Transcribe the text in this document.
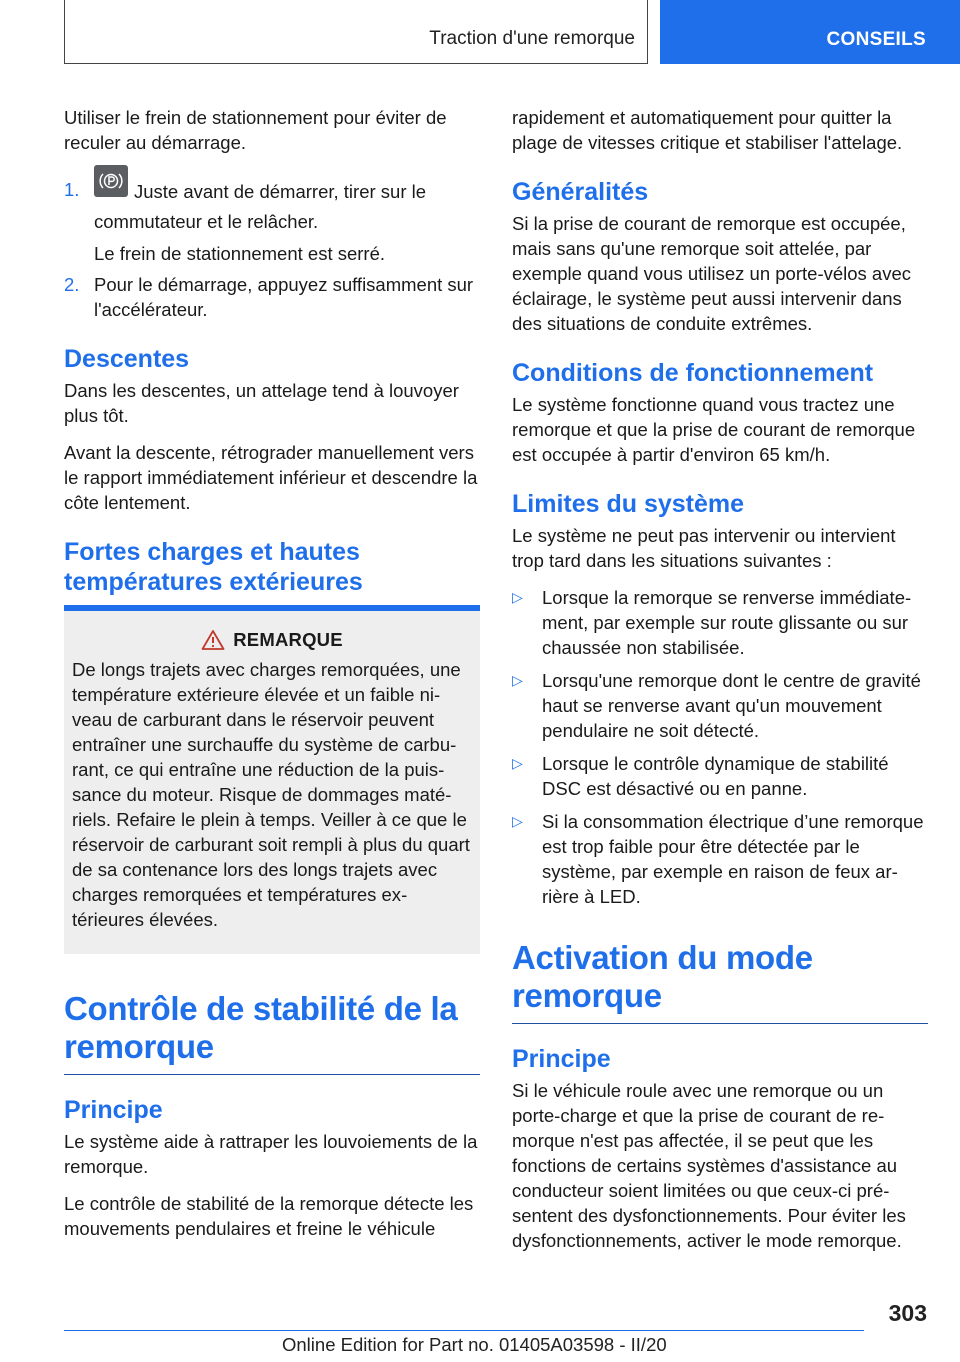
Traction d'une remorque	CONSEILS

Utiliser le frein de stationnement pour éviter de reculer au démarrage.

1.	Juste avant de démarrer, tirer sur le commutateur et le relâcher.
Le frein de stationnement est serré.
2. Pour le démarrage, appuyez suffisamment sur l'accélérateur.
Descentes

Dans les descentes, un attelage tend à louvoyer plus tôt.

Avant la descente, rétrograder manuellement vers le rapport immédiatement inférieur et descendre la côte lentement.

Fortes charges et hautes températures extérieures
REMARQUE

De longs trajets avec charges remorquées, une température extérieure élevée et un faible niveau de carburant dans le réservoir peuvent entraîner une surchauffe du système de carburant, ce qui entraîne une réduction de la puissance du moteur. Risque de dommages matériels. Refaire le plein à temps. Veiller à ce que le réservoir de carburant soit rempli à plus du quart de sa contenance lors des longs trajets avec charges remorquées et températures extérieures élevées.

Contrôle de stabilité de la remorque
Principe

Le système aide à rattraper les louvoiements de la remorque.

Le contrôle de stabilité de la remorque détecte les mouvements pendulaires et freine le véhicule

rapidement et automatiquement pour quitter la plage de vitesses critique et stabiliser l'attelage.

Généralités

Si la prise de courant de remorque est occupée, mais sans qu'une remorque soit attelée, par exemple quand vous utilisez un porte-vélos avec éclairage, le système peut aussi intervenir dans des situations de conduite extrêmes.

Conditions de fonctionnement

Le système fonctionne quand vous tractez une remorque et que la prise de courant de remorque est occupée à partir d'environ 65 km/h.

Limites du système

Le système ne peut pas intervenir ou intervient trop tard dans les situations suivantes :

▷	Lorsque la remorque se renverse immédiatement, par exemple sur route glissante ou sur chaussée non stabilisée.
▷	Lorsqu'une remorque dont le centre de gravité haut se renverse avant qu'un mouvement pendulaire ne soit détecté.
▷	Lorsque le contrôle dynamique de stabilité DSC est désactivé ou en panne.
▷	Si la consommation électrique d’une remorque est trop faible pour être détectée par le système, par exemple en raison de feux arrière à LED.
Activation du mode remorque
Principe

Si le véhicule roule avec une remorque ou un porte-charge et que la prise de courant de remorque n'est pas affectée, il se peut que les fonctions de certains systèmes d'assistance au conducteur soient limitées ou que ceux-ci présentent des dysfonctionnements. Pour éviter les dysfonctionnements, activer le mode remorque.

303
Online Edition for Part no. 01405A03598 - II/20
